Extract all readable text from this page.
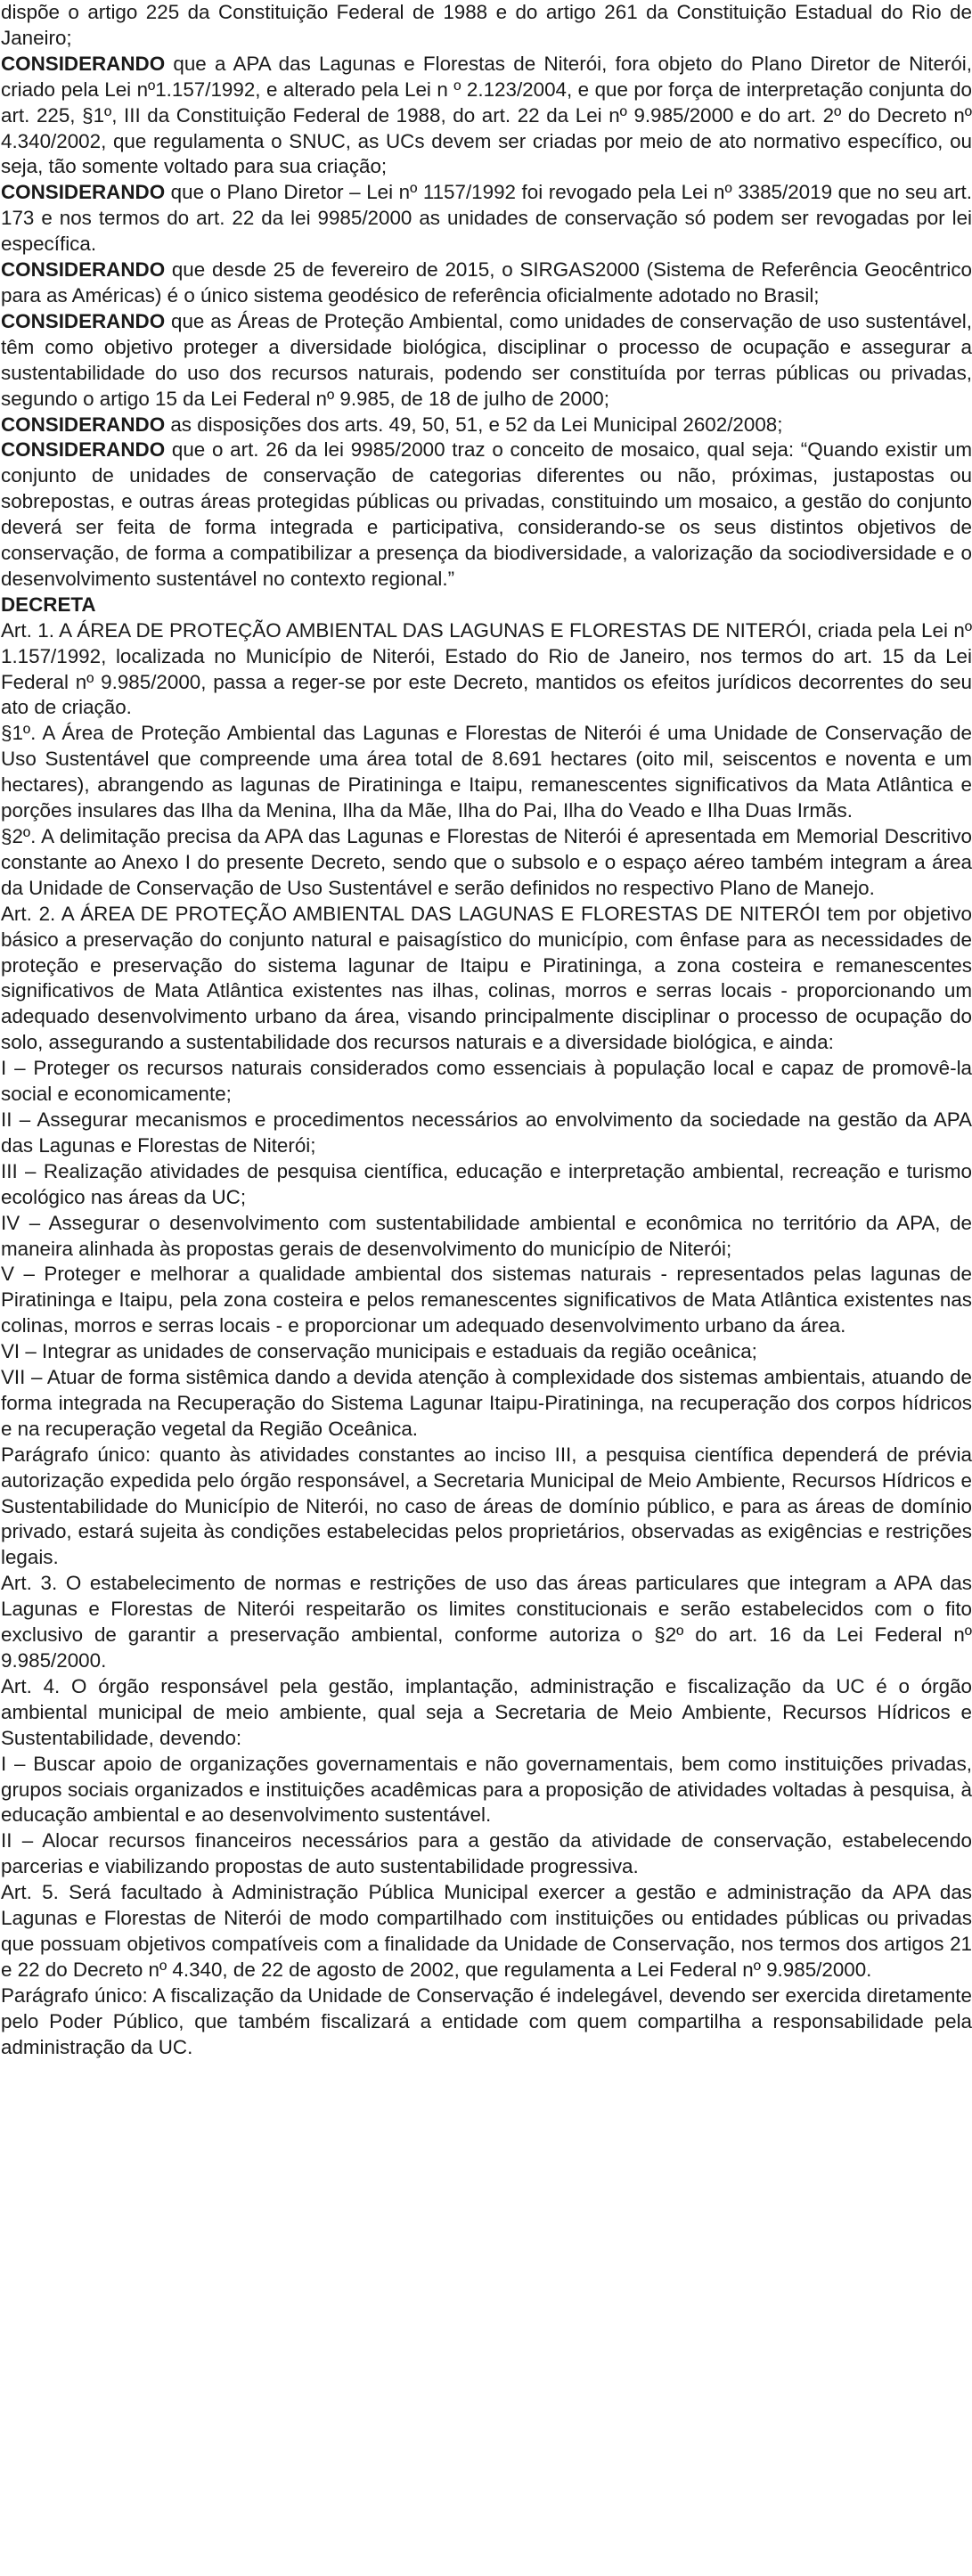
dispõe o artigo 225 da Constituição Federal de 1988 e do artigo 261 da Constituição Estadual do Rio de Janeiro;

CONSIDERANDO que a APA das Lagunas e Florestas de Niterói, fora objeto do Plano Diretor de Niterói, criado pela Lei nº1.157/1992, e alterado pela Lei n º 2.123/2004, e que por força de interpretação conjunta do art. 225, §1º, III da Constituição Federal de 1988, do art. 22 da Lei nº 9.985/2000 e do art. 2º do Decreto nº 4.340/2002, que regulamenta o SNUC, as UCs devem ser criadas por meio de ato normativo específico, ou seja, tão somente voltado para sua criação;

CONSIDERANDO que o Plano Diretor – Lei nº 1157/1992 foi revogado pela Lei nº 3385/2019 que no seu art. 173 e nos termos do art. 22 da lei 9985/2000 as unidades de conservação só podem ser revogadas por lei específica.

CONSIDERANDO que desde 25 de fevereiro de 2015, o SIRGAS2000 (Sistema de Referência Geocêntrico para as Américas) é o único sistema geodésico de referência oficialmente adotado no Brasil;

CONSIDERANDO que as Áreas de Proteção Ambiental, como unidades de conservação de uso sustentável, têm como objetivo proteger a diversidade biológica, disciplinar o processo de ocupação e assegurar a sustentabilidade do uso dos recursos naturais, podendo ser constituída por terras públicas ou privadas, segundo o artigo 15 da Lei Federal nº 9.985, de 18 de julho de 2000;

CONSIDERANDO as disposições dos arts. 49, 50, 51, e 52 da Lei Municipal 2602/2008;

CONSIDERANDO que o art. 26 da lei 9985/2000 traz o conceito de mosaico, qual seja: “Quando existir um conjunto de unidades de conservação de categorias diferentes ou não, próximas, justapostas ou sobrepostas, e outras áreas protegidas públicas ou privadas, constituindo um mosaico, a gestão do conjunto deverá ser feita de forma integrada e participativa, considerando-se os seus distintos objetivos de conservação, de forma a compatibilizar a presença da biodiversidade, a valorização da sociodiversidade e o desenvolvimento sustentável no contexto regional.”

DECRETA

Art. 1. A ÁREA DE PROTEÇÃO AMBIENTAL DAS LAGUNAS E FLORESTAS DE NITERÓI, criada pela Lei nº 1.157/1992, localizada no Município de Niterói, Estado do Rio de Janeiro, nos termos do art. 15 da Lei Federal nº 9.985/2000, passa a reger-se por este Decreto, mantidos os efeitos jurídicos decorrentes do seu ato de criação.

§1º. A Área de Proteção Ambiental das Lagunas e Florestas de Niterói é uma Unidade de Conservação de Uso Sustentável que compreende uma área total de 8.691 hectares (oito mil, seiscentos e noventa e um hectares), abrangendo as lagunas de Piratininga e Itaipu, remanescentes significativos da Mata Atlântica e porções insulares das Ilha da Menina, Ilha da Mãe, Ilha do Pai, Ilha do Veado e Ilha Duas Irmãs.

§2º. A delimitação precisa da APA das Lagunas e Florestas de Niterói é apresentada em Memorial Descritivo constante ao Anexo I do presente Decreto, sendo que o subsolo e o espaço aéreo também integram a área da Unidade de Conservação de Uso Sustentável e serão definidos no respectivo Plano de Manejo.

Art. 2. A ÁREA DE PROTEÇÃO AMBIENTAL DAS LAGUNAS E FLORESTAS DE NITERÓI tem por objetivo básico a preservação do conjunto natural e paisagístico do município, com ênfase para as necessidades de proteção e preservação do sistema lagunar de Itaipu e Piratininga, a zona costeira e remanescentes significativos de Mata Atlântica existentes nas ilhas, colinas, morros e serras locais - proporcionando um adequado desenvolvimento urbano da área, visando principalmente disciplinar o processo de ocupação do solo, assegurando a sustentabilidade dos recursos naturais e a diversidade biológica, e ainda:

I – Proteger os recursos naturais considerados como essenciais à população local e capaz de promovê-la social e economicamente;

II – Assegurar mecanismos e procedimentos necessários ao envolvimento da sociedade na gestão da APA das Lagunas e Florestas de Niterói;

III – Realização atividades de pesquisa científica, educação e interpretação ambiental, recreação e turismo ecológico nas áreas da UC;

IV – Assegurar o desenvolvimento com sustentabilidade ambiental e econômica no território da APA, de maneira alinhada às propostas gerais de desenvolvimento do município de Niterói;

V – Proteger e melhorar a qualidade ambiental dos sistemas naturais - representados pelas lagunas de Piratininga e Itaipu, pela zona costeira e pelos remanescentes significativos de Mata Atlântica existentes nas colinas, morros e serras locais - e proporcionar um adequado desenvolvimento urbano da área.

VI – Integrar as unidades de conservação municipais e estaduais da região oceânica;

VII – Atuar de forma sistêmica dando a devida atenção à complexidade dos sistemas ambientais, atuando de forma integrada na Recuperação do Sistema Lagunar Itaipu-Piratininga, na recuperação dos corpos hídricos e na recuperação vegetal da Região Oceânica.

Parágrafo único: quanto às atividades constantes ao inciso III, a pesquisa científica dependerá de prévia autorização expedida pelo órgão responsável, a Secretaria Municipal de Meio Ambiente, Recursos Hídricos e Sustentabilidade do Município de Niterói, no caso de áreas de domínio público, e para as áreas de domínio privado, estará sujeita às condições estabelecidas pelos proprietários, observadas as exigências e restrições legais.

Art. 3. O estabelecimento de normas e restrições de uso das áreas particulares que integram a APA das Lagunas e Florestas de Niterói respeitarão os limites constitucionais e serão estabelecidos com o fito exclusivo de garantir a preservação ambiental, conforme autoriza o §2º do art. 16 da Lei Federal nº 9.985/2000.

Art. 4. O órgão responsável pela gestão, implantação, administração e fiscalização da UC é o órgão ambiental municipal de meio ambiente, qual seja a Secretaria de Meio Ambiente, Recursos Hídricos e Sustentabilidade, devendo:

I – Buscar apoio de organizações governamentais e não governamentais, bem como instituições privadas, grupos sociais organizados e instituições acadêmicas para a proposição de atividades voltadas à pesquisa, à educação ambiental e ao desenvolvimento sustentável.

II – Alocar recursos financeiros necessários para a gestão da atividade de conservação, estabelecendo parcerias e viabilizando propostas de auto sustentabilidade progressiva.

Art. 5. Será facultado à Administração Pública Municipal exercer a gestão e administração da APA das Lagunas e Florestas de Niterói de modo compartilhado com instituições ou entidades públicas ou privadas que possuam objetivos compatíveis com a finalidade da Unidade de Conservação, nos termos dos artigos 21 e 22 do Decreto nº 4.340, de 22 de agosto de 2002, que regulamenta a Lei Federal nº 9.985/2000.

Parágrafo único: A fiscalização da Unidade de Conservação é indelegável, devendo ser exercida diretamente pelo Poder Público, que também fiscalizará a entidade com quem compartilha a responsabilidade pela administração da UC.
